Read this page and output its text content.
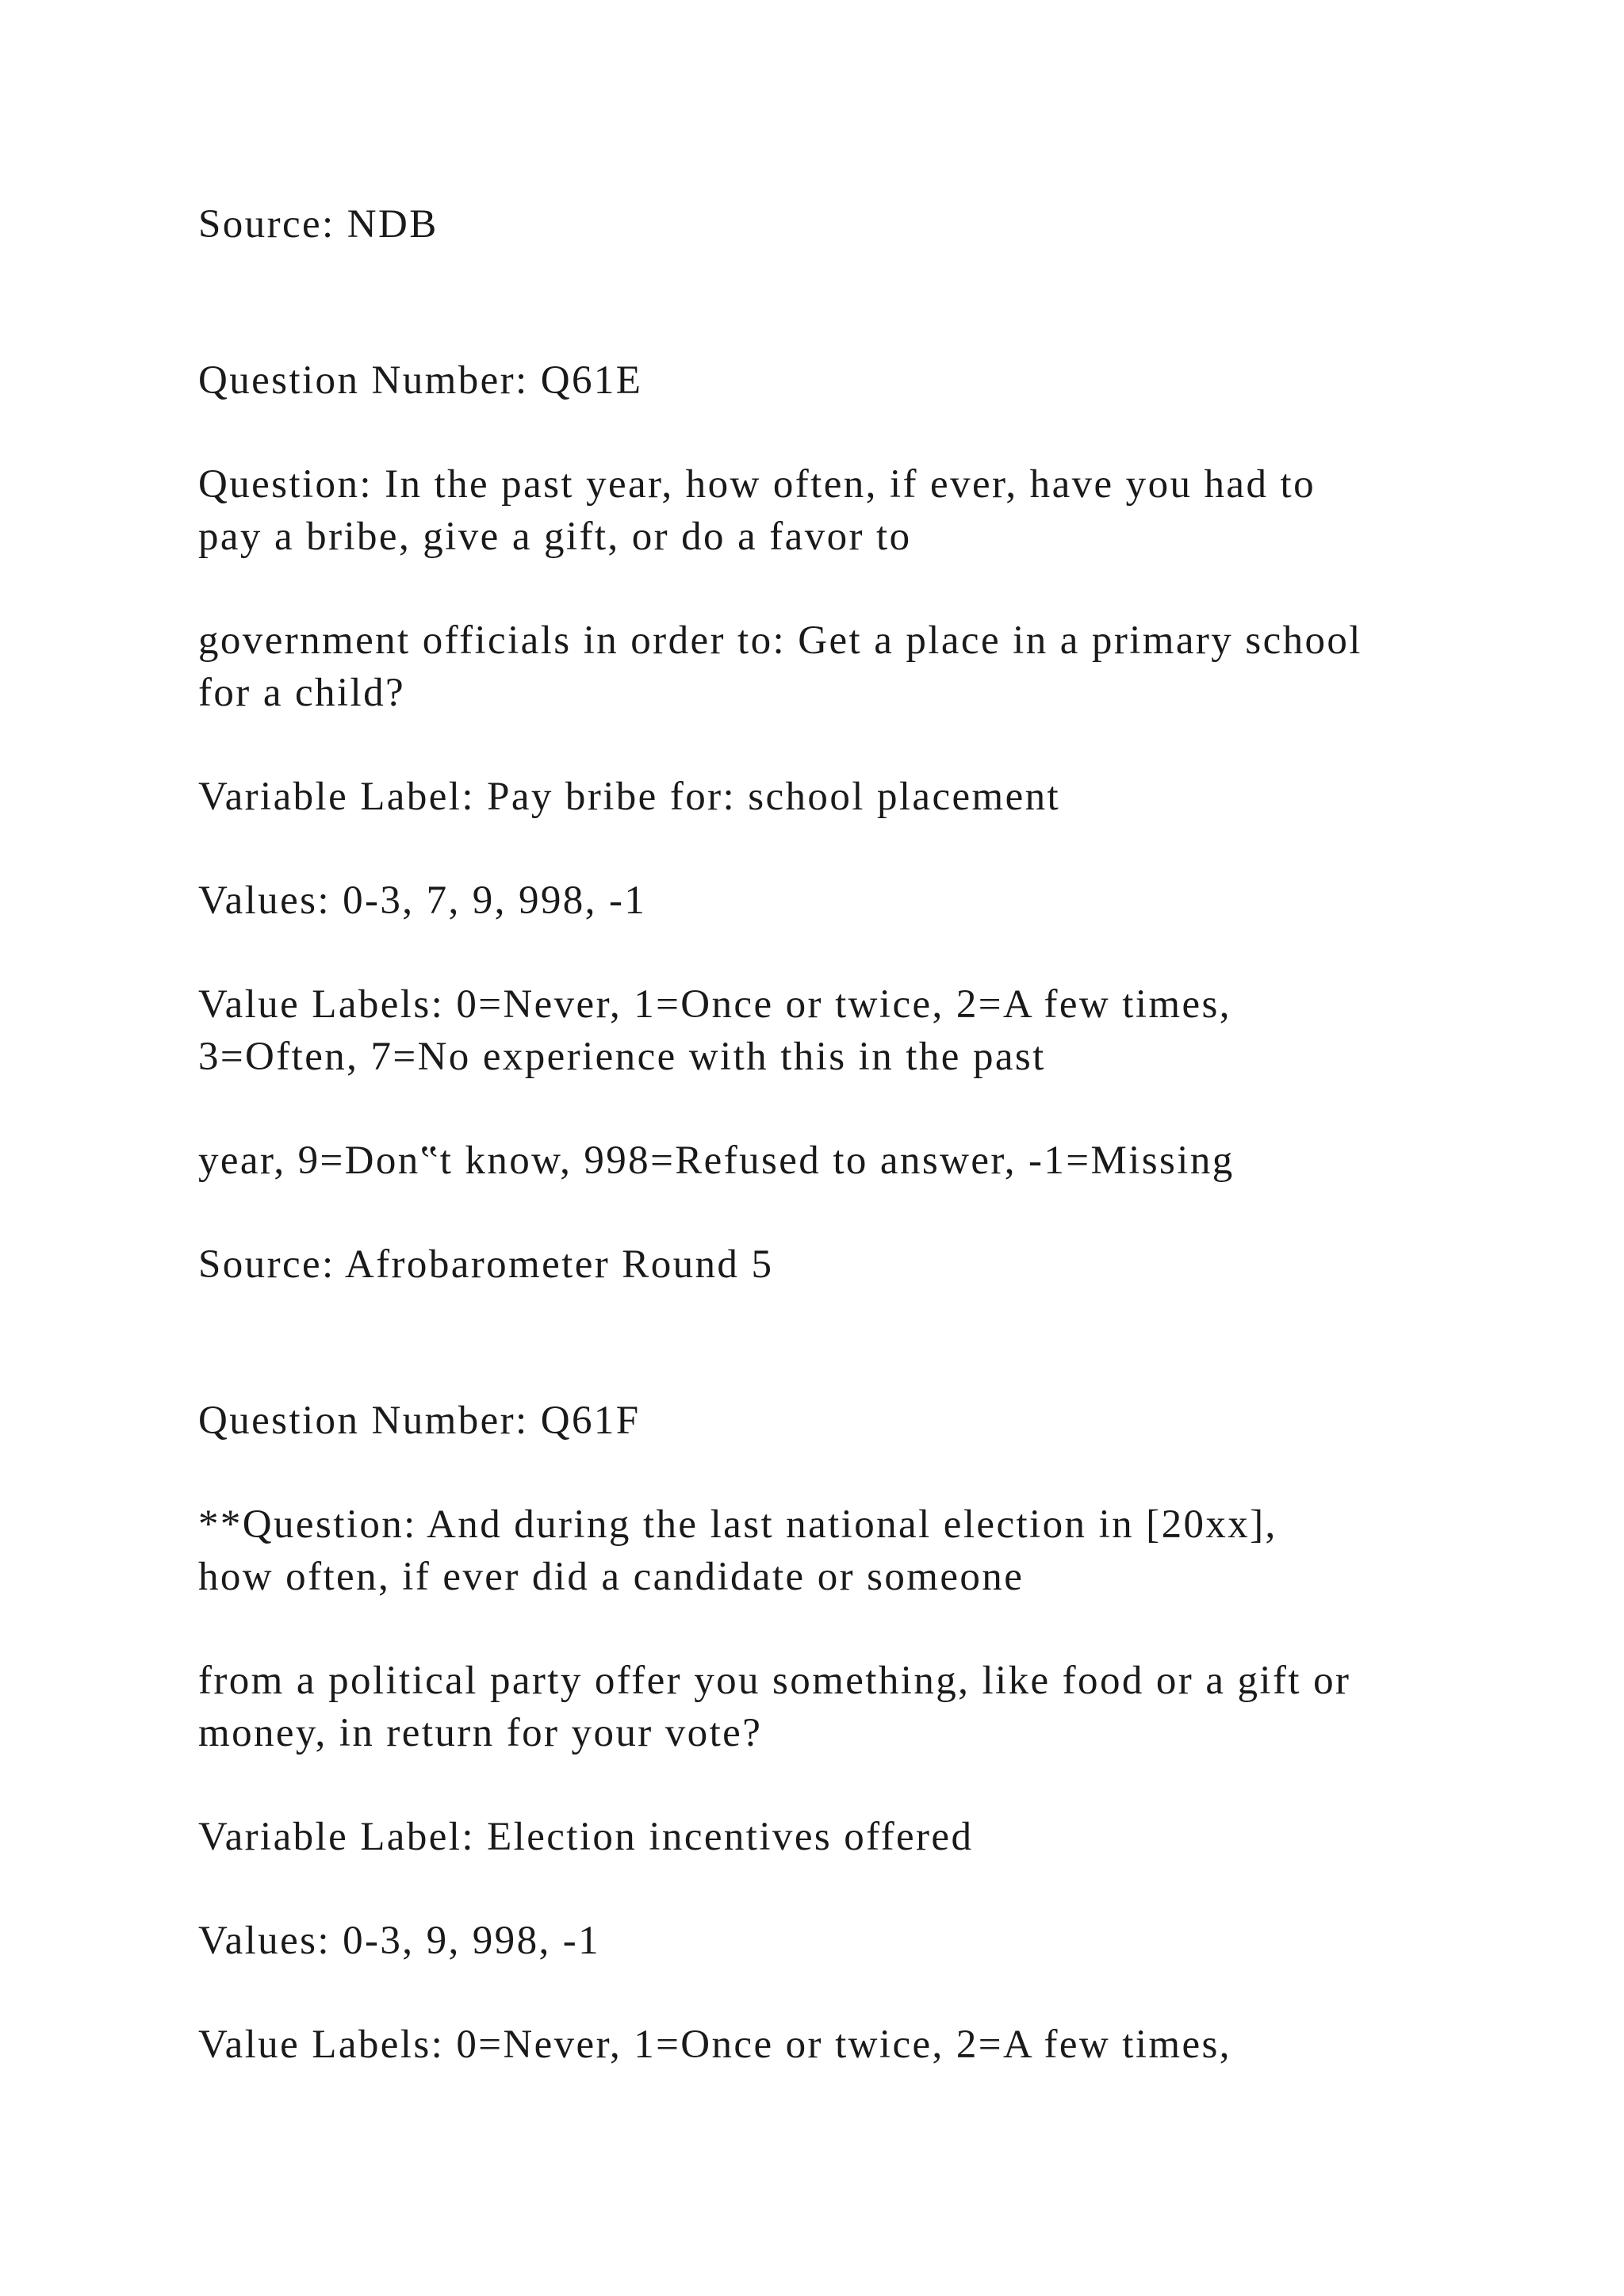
Source: NDB
Question Number: Q61E
Question: In the past year, how often, if ever, have you had to
pay a bribe, give a gift, or do a favor to
government officials in order to: Get a place in a primary school
for a child?
Variable Label: Pay bribe for: school placement
Values: 0-3, 7, 9, 998, -1
Value Labels: 0=Never, 1=Once or twice, 2=A few times,
3=Often, 7=No experience with this in the past
year, 9=Don‟t know, 998=Refused to answer, -1=Missing
Source: Afrobarometer Round 5
Question Number: Q61F
**Question: And during the last national election in [20xx],
how often, if ever did a candidate or someone
from a political party offer you something, like food or a gift or
money, in return for your vote?
Variable Label: Election incentives offered
Values: 0-3, 9, 998, -1
Value Labels: 0=Never, 1=Once or twice, 2=A few times,
